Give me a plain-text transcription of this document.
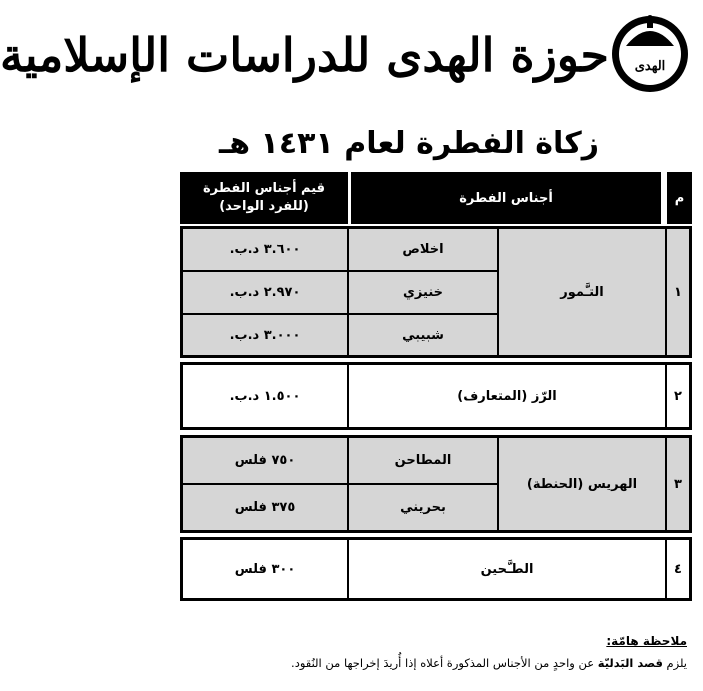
حوزة الهدى للدراسات الإسلامية الهدى
زكاة الفطرة لعام ١٤٣١ هـ
م
أجناس الفطرة
قيم أجناس الفطرة
(للفرد الواحد)
١
التـَّمور
اخلاص
خنيزي
شبيبي
٣.٦٠٠ د.ب.
٢.٩٧٠ د.ب.
٣.٠٠٠ د.ب.
٢
الرّز (المتعارف)
١.٥٠٠ د.ب.
٣
الهريس (الحنطة)
المطاحن
بحريني
٧٥٠ فلس
٣٧٥ فلس
٤
الطـَّحين
٣٠٠ فلس
ملاحظة هامّة:
يلزم قصد البَدليّة عن واحدٍ من الأجناس المذكورة أعلاه إذا أُريدَ إخراجها من النُقود.
